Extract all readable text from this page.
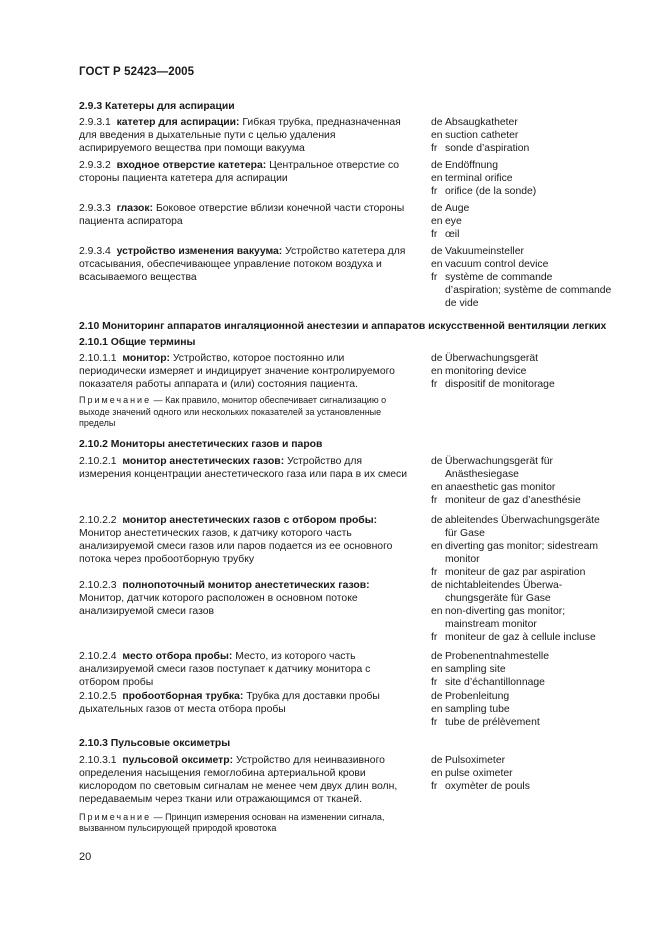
ГОСТ Р 52423—2005
2.9.3 Катетеры для аспирации
2.9.3.1 катетер для аспирации: Гибкая трубка, предназначенная для введения в дыхательные пути с целью удаления аспирируемого вещества при помощи вакуума
de Absaugkatheter
en suction catheter
fr sonde d’aspiration
2.9.3.2 входное отверстие катетера: Центральное отверстие со стороны пациента катетера для аспирации
de Endöffnung
en terminal orifice
fr orifice (de la sonde)
2.9.3.3 глазок: Боковое отверстие вблизи конечной части стороны пациента аспиратора
de Auge
en eye
fr œil
2.9.3.4 устройство изменения вакуума: Устройство катетера для отсасывания, обеспечивающее управление потоком воздуха и всасываемого вещества
de Vakuumeinsteller
en vacuum control device
fr système de commande
d’aspiration; système de commande
de vide
2.10 Мониторинг аппаратов ингаляционной анестезии и аппаратов искусственной вентиляции легких
2.10.1 Общие термины
2.10.1.1 монитор: Устройство, которое постоянно или периодически измеряет и индицирует значение контролируемого показателя работы аппарата и (или) состояния пациента.
de Überwachungsgerät
en monitoring device
fr dispositif de monitorage
Примечание — Как правило, монитор обеспечивает сигнализацию о выходе значений одного или нескольких показателей за установленные пределы
2.10.2 Мониторы анестетических газов и паров
2.10.2.1 монитор анестетических газов: Устройство для измерения концентрации анестетического газа или пара в их смеси
de Überwachungsgerät für
Anästhesiegase
en anaesthetic gas monitor
fr moniteur de gaz d’anesthésie
2.10.2.2 монитор анестетических газов с отбором пробы: Монитор анестетических газов, к датчику которого часть анализируемой смеси газов или паров подается из ее основного потока через пробоотборную трубку
de ableitendes Überwachungsgeräte
für Gase
en diverting gas monitor; sidestream
monitor
fr moniteur de gaz par aspiration
2.10.2.3 полнопоточный монитор анестетических газов: Монитор, датчик которого расположен в основном потоке анализируемой смеси газов
de nichtableitendes Überwa-
chungsgeräte für Gase
en non-diverting gas monitor;
mainstream monitor
fr moniteur de gaz à cellule incluse
2.10.2.4 место отбора пробы: Место, из которого часть анализируемой смеси газов поступает к датчику монитора с отбором пробы
de Probenentnahmestelle
en sampling site
fr site d’échantillonnage
2.10.2.5 пробоотборная трубка: Трубка для доставки пробы дыхательных газов от места отбора пробы
de Probenleitung
en sampling tube
fr tube de prélèvement
2.10.3 Пульсовые оксиметры
2.10.3.1 пульсовой оксиметр: Устройство для неинвазивного определения насыщения гемоглобина артериальной крови кислородом по световым сигналам не менее чем двух длин волн, передаваемым через ткани или отражающимся от тканей.
de Pulsoximeter
en pulse oximeter
fr oxymèter de pouls
Примечание — Принцип измерения основан на изменении сигнала, вызванном пульсирующей природой кровотока
20
